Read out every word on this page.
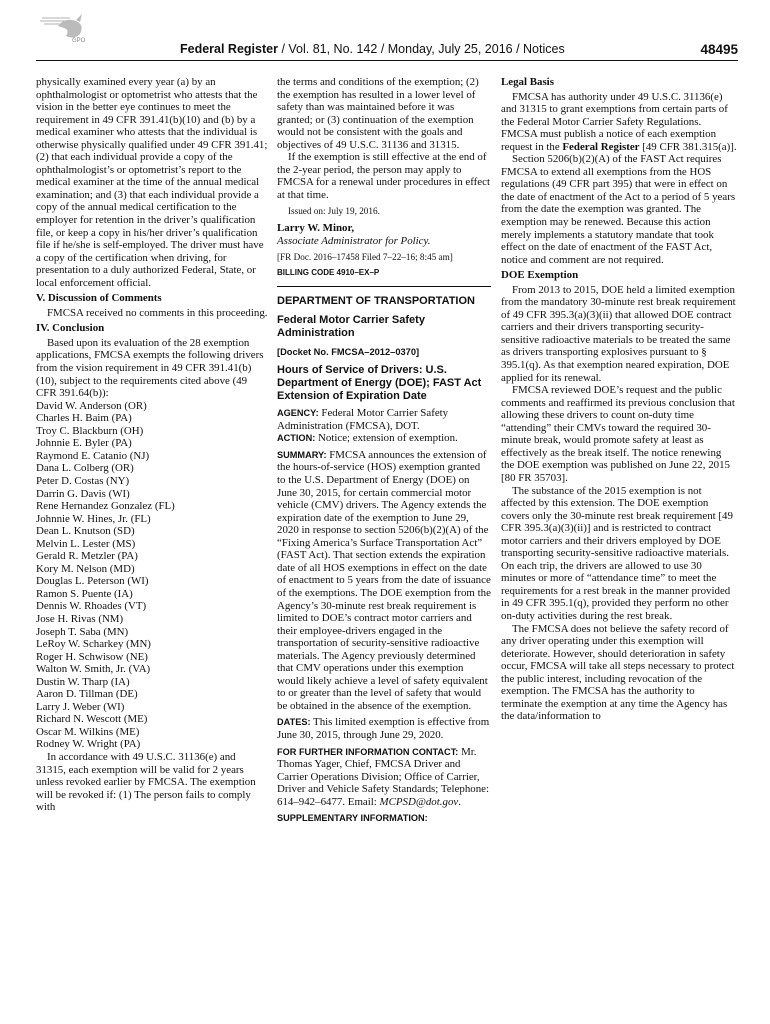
GPO
Federal Register / Vol. 81, No. 142 / Monday, July 25, 2016 / Notices	48495

physically examined every year (a) by an ophthalmologist or optometrist who attests that the vision in the better eye continues to meet the requirement in 49 CFR 391.41(b)(10) and (b) by a medical examiner who attests that the individual is otherwise physically qualified under 49 CFR 391.41; (2) that each individual provide a copy of the ophthalmologist’s or optometrist’s report to the medical examiner at the time of the annual medical examination; and (3) that each individual provide a copy of the annual medical certification to the employer for retention in the driver’s qualification file, or keep a copy in his/her driver’s qualification file if he/she is self-employed. The driver must have a copy of the certification when driving, for presentation to a duly authorized Federal, State, or local enforcement official.

V. Discussion of Comments

FMCSA received no comments in this proceeding.

IV. Conclusion

Based upon its evaluation of the 28 exemption applications, FMCSA exempts the following drivers from the vision requirement in 49 CFR 391.41(b)(10), subject to the requirements cited above (49 CFR 391.64(b)):

David W. Anderson (OR)
Charles H. Baim (PA)
Troy C. Blackburn (OH)
Johnnie E. Byler (PA)
Raymond E. Catanio (NJ)
Dana L. Colberg (OR)
Peter D. Costas (NY)
Darrin G. Davis (WI)
Rene Hernandez Gonzalez (FL)
Johnnie W. Hines, Jr. (FL)
Dean L. Knutson (SD)
Melvin L. Lester (MS)
Gerald R. Metzler (PA)
Kory M. Nelson (MD)
Douglas L. Peterson (WI)
Ramon S. Puente (IA)
Dennis W. Rhoades (VT)
Jose H. Rivas (NM)
Joseph T. Saba (MN)
LeRoy W. Scharkey (MN)
Roger H. Schwisow (NE)
Walton W. Smith, Jr. (VA)
Dustin W. Tharp (IA)
Aaron D. Tillman (DE)
Larry J. Weber (WI)
Richard N. Wescott (ME)
Oscar M. Wilkins (ME)
Rodney W. Wright (PA)

In accordance with 49 U.S.C. 31136(e) and 31315, each exemption will be valid for 2 years unless revoked earlier by FMCSA. The exemption will be revoked if: (1) The person fails to comply with

the terms and conditions of the exemption; (2) the exemption has resulted in a lower level of safety than was maintained before it was granted; or (3) continuation of the exemption would not be consistent with the goals and objectives of 49 U.S.C. 31136 and 31315.

If the exemption is still effective at the end of the 2-year period, the person may apply to FMCSA for a renewal under procedures in effect at that time.

Issued on: July 19, 2016.

Larry W. Minor,

Associate Administrator for Policy.

[FR Doc. 2016–17458 Filed 7–22–16; 8:45 am]

BILLING CODE 4910–EX–P

DEPARTMENT OF TRANSPORTATION

Federal Motor Carrier Safety Administration

[Docket No. FMCSA–2012–0370]

Hours of Service of Drivers: U.S. Department of Energy (DOE); FAST Act Extension of Expiration Date

AGENCY: Federal Motor Carrier Safety Administration (FMCSA), DOT.

ACTION: Notice; extension of exemption.

SUMMARY: FMCSA announces the extension of the hours-of-service (HOS) exemption granted to the U.S. Department of Energy (DOE) on June 30, 2015, for certain commercial motor vehicle (CMV) drivers. The Agency extends the expiration date of the exemption to June 29, 2020 in response to section 5206(b)(2)(A) of the “Fixing America’s Surface Transportation Act” (FAST Act). That section extends the expiration date of all HOS exemptions in effect on the date of enactment to 5 years from the date of issuance of the exemptions. The DOE exemption from the Agency’s 30-minute rest break requirement is limited to DOE’s contract motor carriers and their employee-drivers engaged in the transportation of security-sensitive radioactive materials. The Agency previously determined that CMV operations under this exemption would likely achieve a level of safety equivalent to or greater than the level of safety that would be obtained in the absence of the exemption.

DATES: This limited exemption is effective from June 30, 2015, through June 29, 2020.

FOR FURTHER INFORMATION CONTACT: Mr. Thomas Yager, Chief, FMCSA Driver and Carrier Operations Division; Office of Carrier, Driver and Vehicle Safety Standards; Telephone: 614–942–6477. Email: MCPSD@dot.gov.

SUPPLEMENTARY INFORMATION:

Legal Basis

FMCSA has authority under 49 U.S.C. 31136(e) and 31315 to grant exemptions from certain parts of the Federal Motor Carrier Safety Regulations. FMCSA must publish a notice of each exemption request in the Federal Register [49 CFR 381.315(a)].

Section 5206(b)(2)(A) of the FAST Act requires FMCSA to extend all exemptions from the HOS regulations (49 CFR part 395) that were in effect on the date of enactment of the Act to a period of 5 years from the date the exemption was granted. The exemption may be renewed. Because this action merely implements a statutory mandate that took effect on the date of enactment of the FAST Act, notice and comment are not required.

DOE Exemption

From 2013 to 2015, DOE held a limited exemption from the mandatory 30-minute rest break requirement of 49 CFR 395.3(a)(3)(ii) that allowed DOE contract carriers and their drivers transporting security-sensitive radioactive materials to be treated the same as drivers transporting explosives pursuant to § 395.1(q). As that exemption neared expiration, DOE applied for its renewal.

FMCSA reviewed DOE’s request and the public comments and reaffirmed its previous conclusion that allowing these drivers to count on-duty time “attending” their CMVs toward the required 30-minute break, would promote safety at least as effectively as the break itself. The notice renewing the DOE exemption was published on June 22, 2015 [80 FR 35703].

The substance of the 2015 exemption is not affected by this extension. The DOE exemption covers only the 30-minute rest break requirement [49 CFR 395.3(a)(3)(ii)] and is restricted to contract motor carriers and their drivers employed by DOE transporting security-sensitive radioactive materials. On each trip, the drivers are allowed to use 30 minutes or more of “attendance time” to meet the requirements for a rest break in the manner provided in 49 CFR 395.1(q), provided they perform no other on-duty activities during the rest break.

The FMCSA does not believe the safety record of any driver operating under this exemption will deteriorate. However, should deterioration in safety occur, FMCSA will take all steps necessary to protect the public interest, including revocation of the exemption. The FMCSA has the authority to terminate the exemption at any time the Agency has the data/information to
